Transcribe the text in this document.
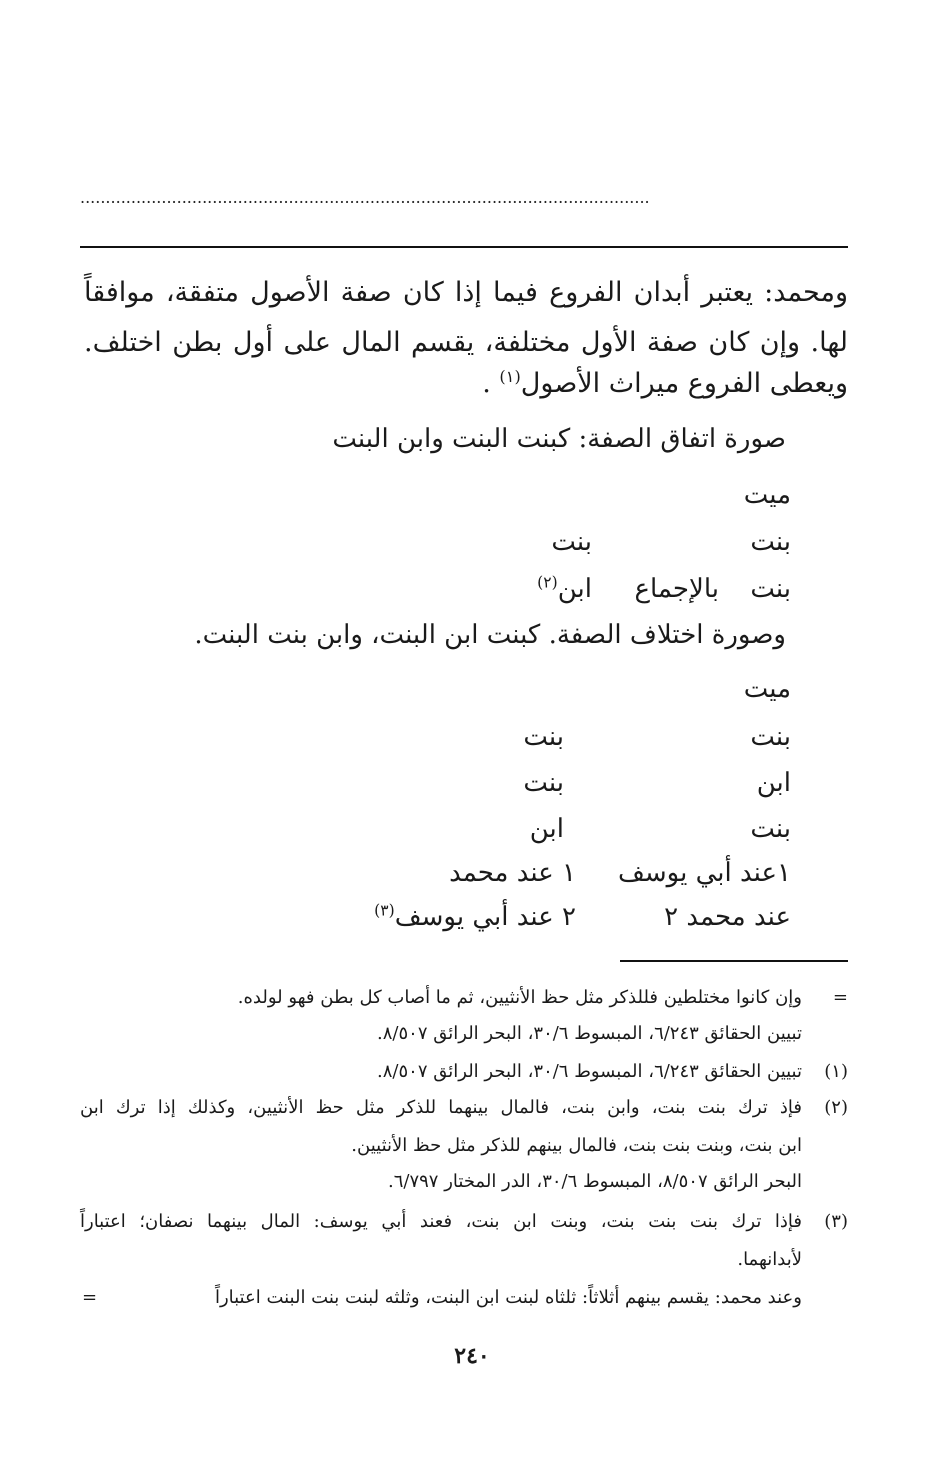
................................................................................................................
ومحمد: يعتبر أبدان الفروع فيما إذا كان صفة الأصول متفقة، موافقاً
لها. وإن كان صفة الأول مختلفة، يقسم المال على أول بطن اختلف.
ويعطى الفروع ميراث الأصول$^{(١)}$ .
صورة اتفاق الصفة: كبنت البنت وابن البنت
ميت
بنت
بنت
بنت
بالإجماع
ابن$^{(٢)}$
وصورة اختلاف الصفة. كبنت ابن البنت، وابن بنت البنت.
ميت
بنت
بنت
ابن
بنت
بنت
ابن
١عند أبي يوسف
١ عند محمد
عند محمد ٢
٢ عند أبي يوسف$^{(٣)}$
=
وإن كانوا مختلطين فللذكر مثل حظ الأنثيين، ثم ما أصاب كل بطن فهو لولده.
تبيين الحقائق ٦/٢٤٣، المبسوط ٣٠/٦، البحر الرائق ٨/٥٠٧.
(١)
تبيين الحقائق ٦/٢٤٣، المبسوط ٣٠/٦، البحر الرائق ٨/٥٠٧.
(٢)
فإذ ترك بنت بنت، وابن بنت، فالمال بينهما للذكر مثل حظ الأنثيين، وكذلك إذا ترك ابن
ابن بنت، وبنت بنت بنت، فالمال بينهم للذكر مثل حظ الأنثيين.
البحر الرائق ٨/٥٠٧، المبسوط ٣٠/٦، الدر المختار ٦/٧٩٧.
(٣)
فإذا ترك بنت بنت بنت، وبنت ابن بنت، فعند أبي يوسف: المال بينهما نصفان؛ اعتباراً
لأبدانهما.
وعند محمد: يقسم بينهم أثلاثاً: ثلثاه لبنت ابن البنت، وثلثه لبنت بنت البنت اعتباراً
=
٢٤٠
